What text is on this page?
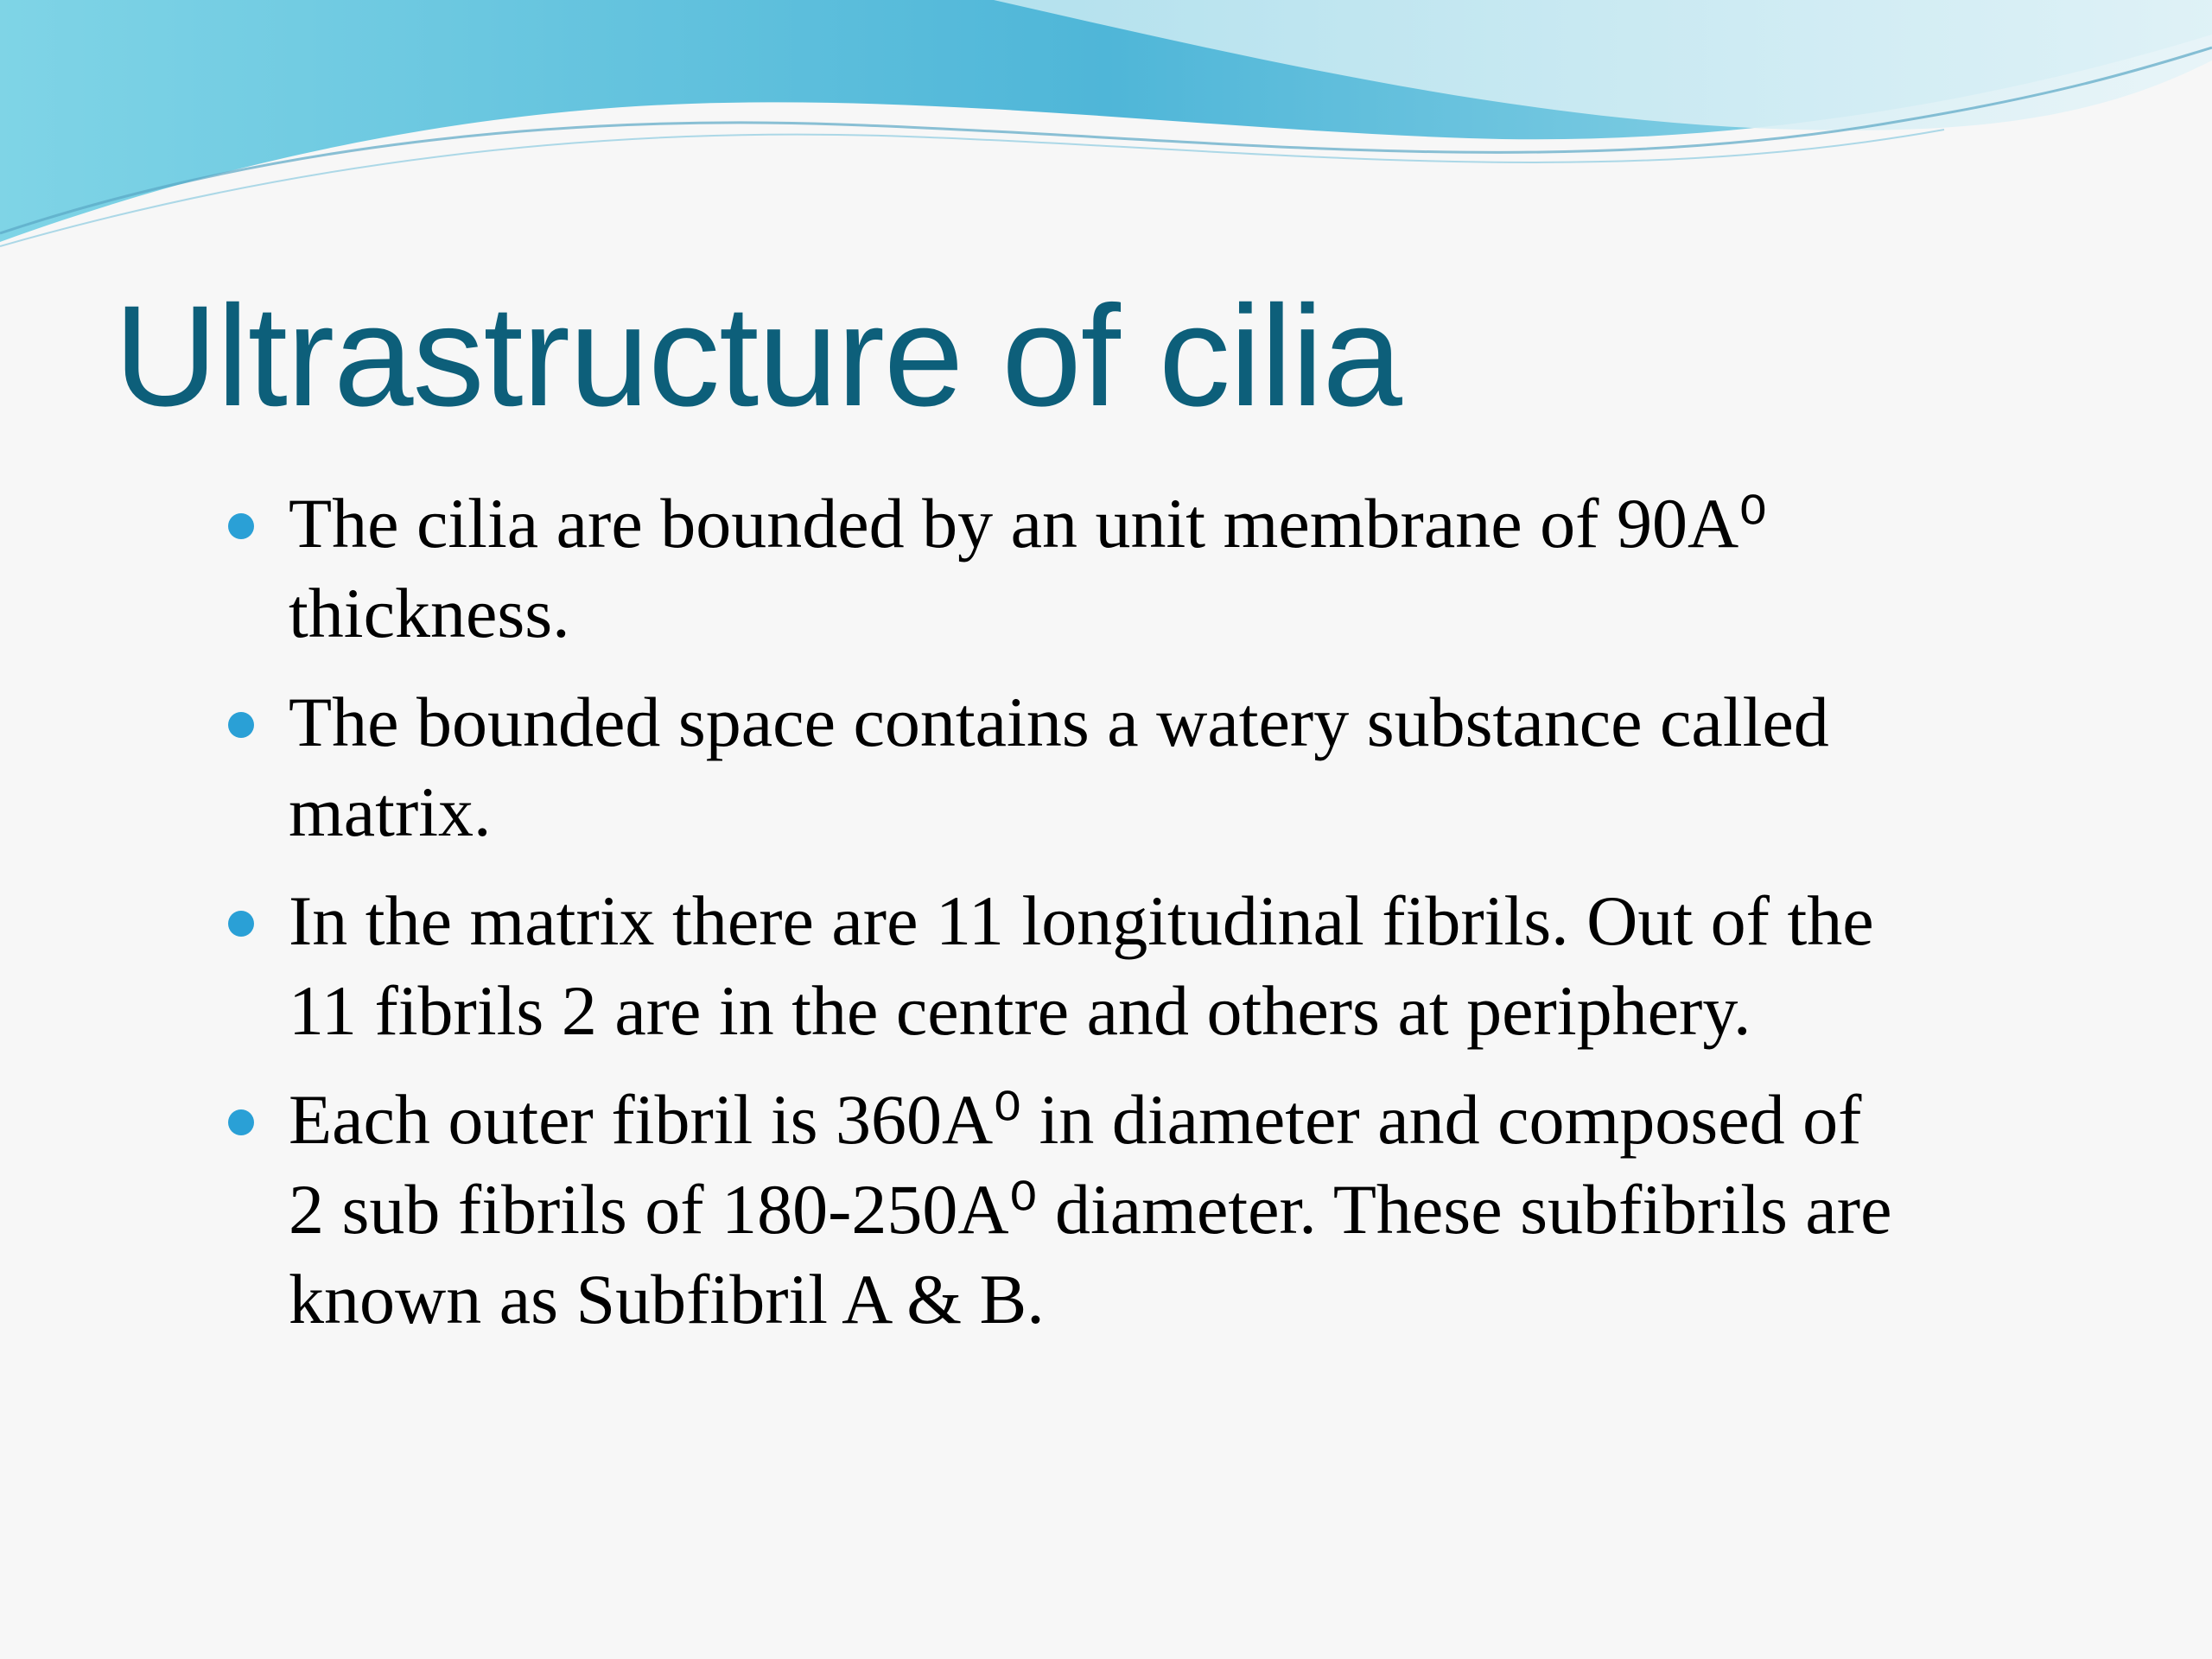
Ultrastructure of cilia
The cilia are bounded by an unit membrane of 90A⁰
thickness.
The bounded space contains a watery substance called
matrix.
In the matrix there are 11 longitudinal fibrils. Out of the
11 fibrils 2 are in the centre and others at periphery.
Each outer fibril is 360A⁰ in diameter and composed of
2 sub fibrils of 180-250A⁰ diameter. These subfibrils are
known as Subfibril A & B.
